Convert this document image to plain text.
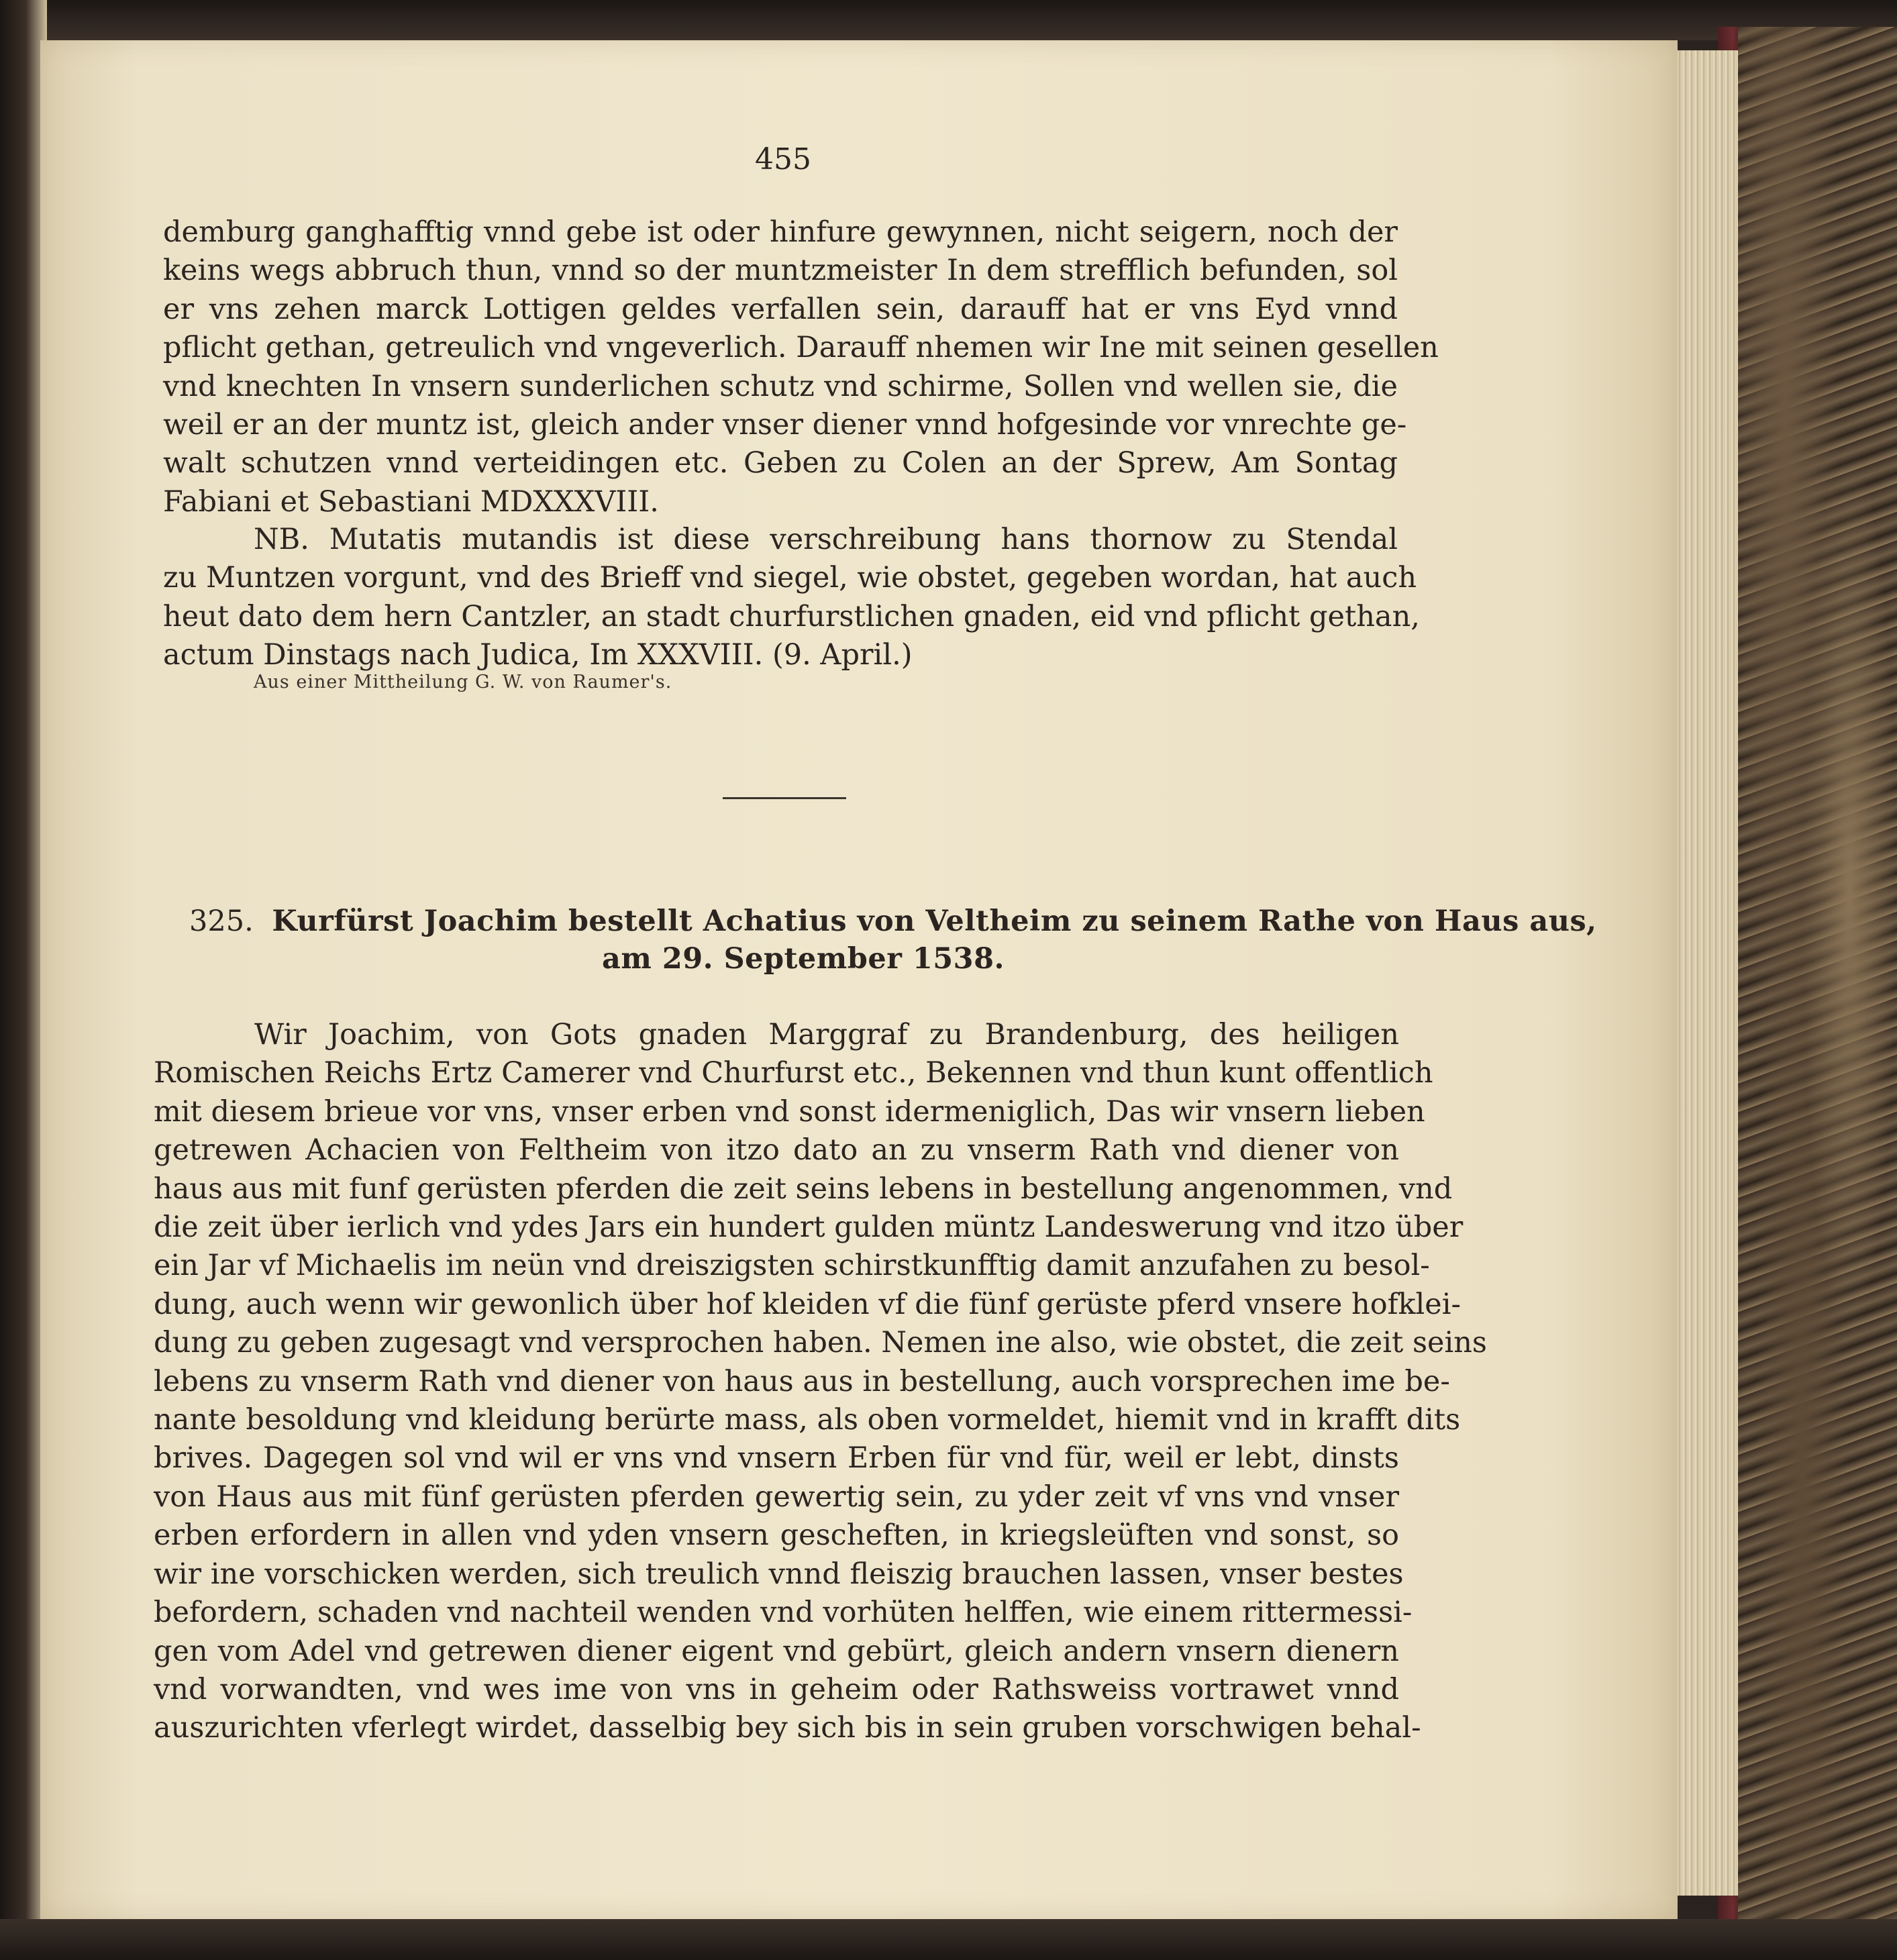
455
demburg ganghafftig vnnd gebe ist oder hinfure gewynnen, nicht seigern, noch der
keins wegs abbruch thun, vnnd so der muntzmeister In dem strefflich befunden, sol
er vns zehen marck Lottigen geldes verfallen sein, darauff hat er vns Eyd vnnd
pflicht gethan, getreulich vnd vngeverlich. Darauff nhemen wir Ine mit seinen gesellen
vnd knechten In vnsern sunderlichen schutz vnd schirme, Sollen vnd wellen sie, die
weil er an der muntz ist, gleich ander vnser diener vnnd hofgesinde vor vnrechte ge-
walt schutzen vnnd verteidingen etc. Geben zu Colen an der Sprew, Am Sontag
Fabiani et Sebastiani MDXXXVIII.
NB. Mutatis mutandis ist diese verschreibung hans thornow zu Stendal
zu Muntzen vorgunt, vnd des Brieff vnd siegel, wie obstet, gegeben wordan, hat auch
heut dato dem hern Cantzler, an stadt churfurstlichen gnaden, eid vnd pflicht gethan,
actum Dinstags nach Judica, Im XXXVIII. (9. April.)
Aus einer Mittheilung G. W. von Raumer's.
325. Kurfürst Joachim bestellt Achatius von Veltheim zu seinem Rathe von Haus aus,
am 29. September 1538.
Wir Joachim, von Gots gnaden Marggraf zu Brandenburg, des heiligen
Romischen Reichs Ertz Camerer vnd Churfurst etc., Bekennen vnd thun kunt offentlich
mit diesem brieue vor vns, vnser erben vnd sonst idermeniglich, Das wir vnsern lieben
getrewen Achacien von Feltheim von itzo dato an zu vnserm Rath vnd diener von
haus aus mit funf gerüsten pferden die zeit seins lebens in bestellung angenommen, vnd
die zeit über ierlich vnd ydes Jars ein hundert gulden müntz Landeswerung vnd itzo über
ein Jar vf Michaelis im neün vnd dreiszigsten schirstkunfftig damit anzufahen zu besol-
dung, auch wenn wir gewonlich über hof kleiden vf die fünf gerüste pferd vnsere hofklei-
dung zu geben zugesagt vnd versprochen haben. Nemen ine also, wie obstet, die zeit seins
lebens zu vnserm Rath vnd diener von haus aus in bestellung, auch vorsprechen ime be-
nante besoldung vnd kleidung berürte mass, als oben vormeldet, hiemit vnd in krafft dits
brives. Dagegen sol vnd wil er vns vnd vnsern Erben für vnd für, weil er lebt, dinsts
von Haus aus mit fünf gerüsten pferden gewertig sein, zu yder zeit vf vns vnd vnser
erben erfordern in allen vnd yden vnsern gescheften, in kriegsleüften vnd sonst, so
wir ine vorschicken werden, sich treulich vnnd fleiszig brauchen lassen, vnser bestes
befordern, schaden vnd nachteil wenden vnd vorhüten helffen, wie einem rittermessi-
gen vom Adel vnd getrewen diener eigent vnd gebürt, gleich andern vnsern dienern
vnd vorwandten, vnd wes ime von vns in geheim oder Rathsweiss vortrawet vnnd
auszurichten vferlegt wirdet, dasselbig bey sich bis in sein gruben vorschwigen behal-
